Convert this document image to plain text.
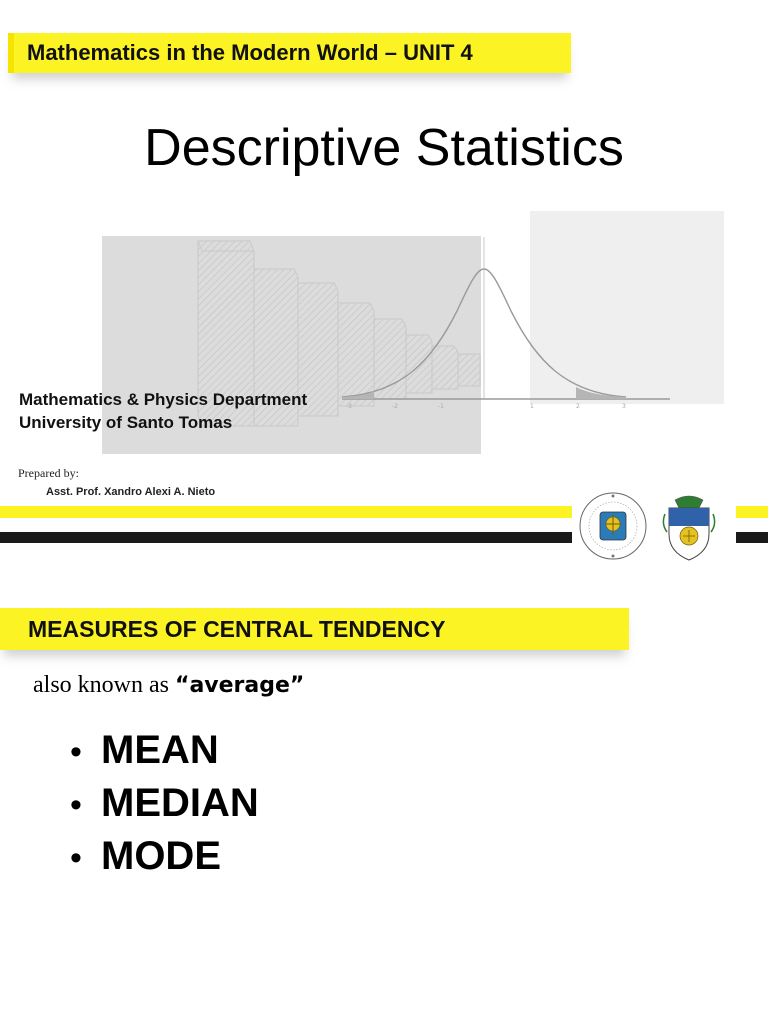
Mathematics in the Modern World – UNIT 4
Descriptive Statistics
-3	-2	-1	1	2	3
Mathematics & Physics Department
University of Santo Tomas
Prepared by:
Asst. Prof. Xandro Alexi A. Nieto
MEASURES OF CENTRAL TENDENCY
also known as “average”
• MEAN
• MEDIAN
• MODE
